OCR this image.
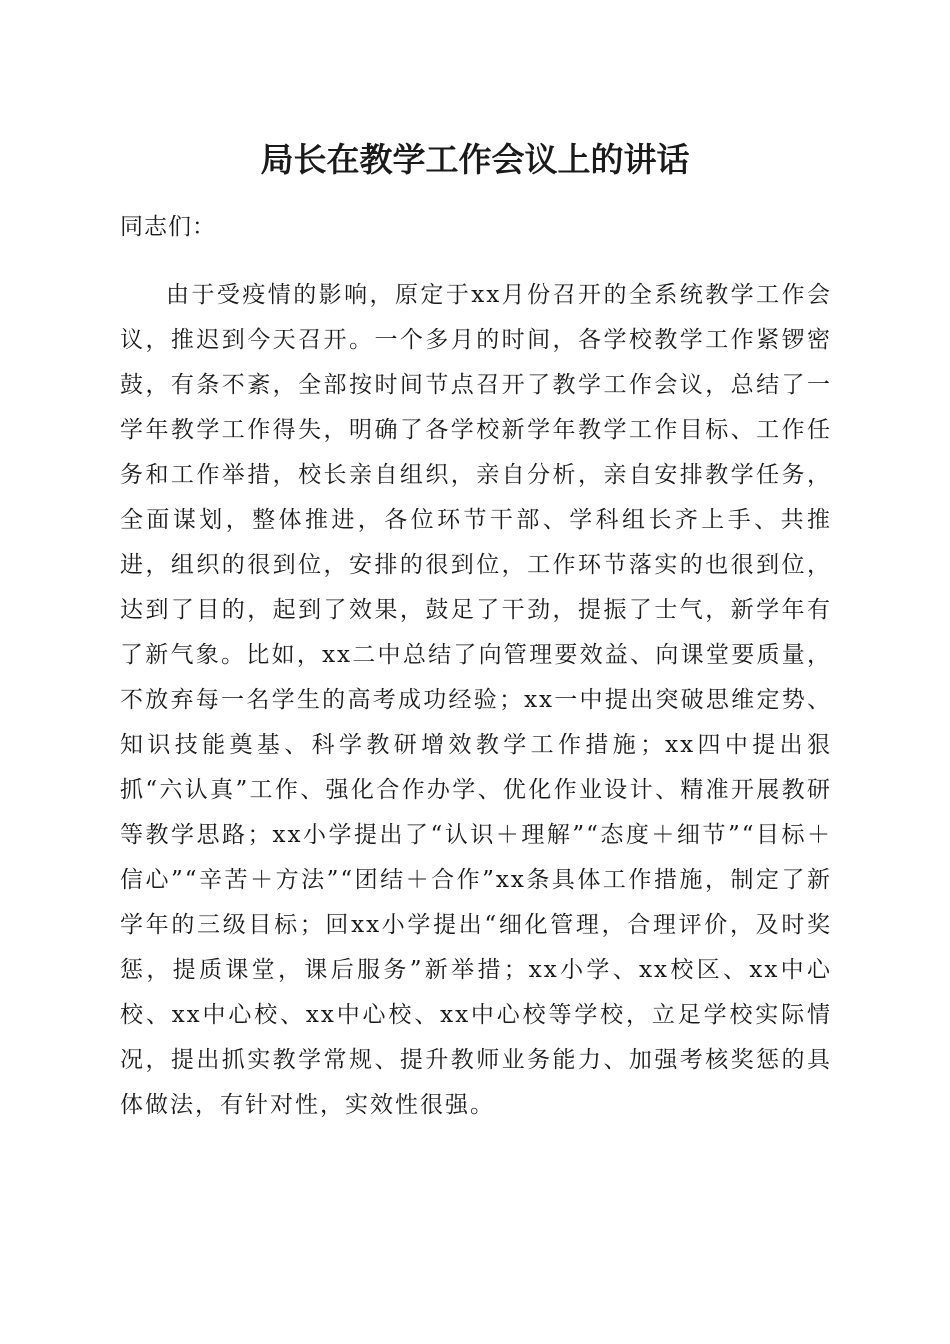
局长在教学工作会议上的讲话

同志们：

由于受疫情的影响，原定于xx月份召开的全系统教学工作会议，推迟到今天召开。一个多月的时间，各学校教学工作紧锣密鼓，有条不紊，全部按时间节点召开了教学工作会议，总结了一学年教学工作得失，明确了各学校新学年教学工作目标、工作任务和工作举措，校长亲自组织，亲自分析，亲自安排教学任务，全面谋划，整体推进，各位环节干部、学科组长齐上手、共推进，组织的很到位，安排的很到位，工作环节落实的也很到位，达到了目的，起到了效果，鼓足了干劲，提振了士气，新学年有了新气象。比如，xx二中总结了向管理要效益、向课堂要质量，不放弃每一名学生的高考成功经验；xx一中提出突破思维定势、知识技能奠基、科学教研增效教学工作措施；xx四中提出狠抓“六认真”工作、强化合作办学、优化作业设计、精准开展教研等教学思路；xx小学提出了“认识＋理解”“态度＋细节”“目标＋信心”“辛苦＋方法”“团结＋合作”xx条具体工作措施，制定了新学年的三级目标；回xx小学提出“细化管理，合理评价，及时奖惩，提质课堂，课后服务”新举措；xx小学、xx校区、xx中心校、xx中心校、xx中心校、xx中心校等学校，立足学校实际情况，提出抓实教学常规、提升教师业务能力、加强考核奖惩的具体做法，有针对性，实效性很强。
